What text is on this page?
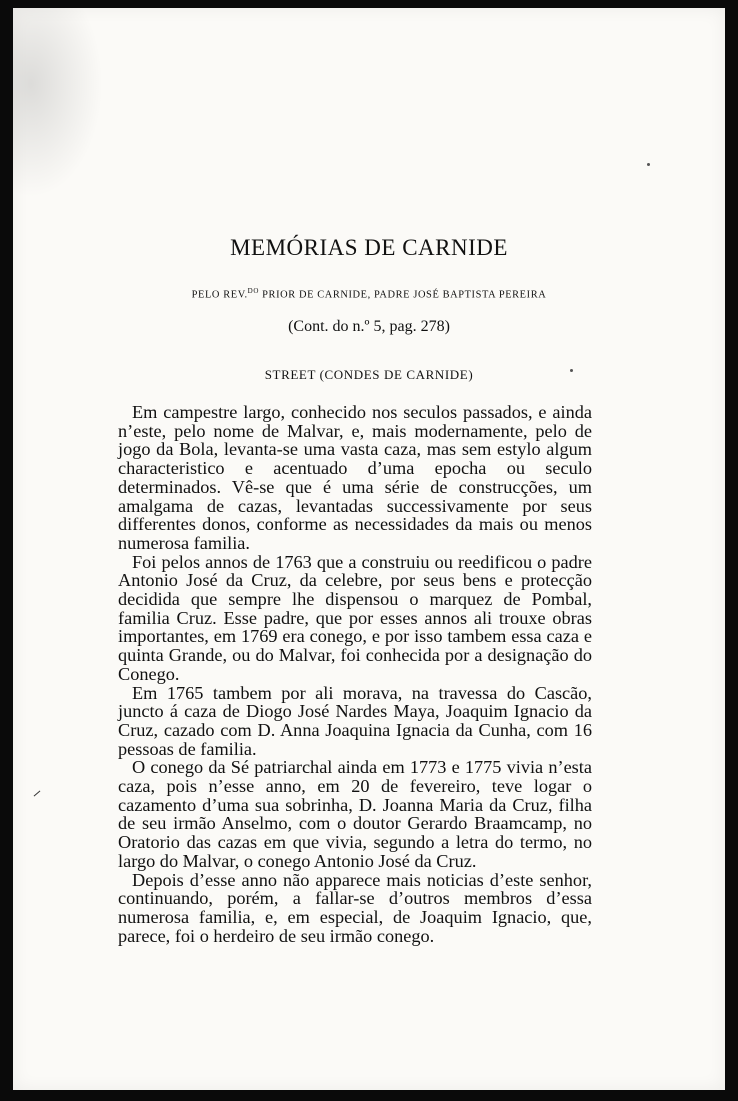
MEMÓRIAS DE CARNIDE
PELO REV.$^{DO}$ PRIOR DE CARNIDE, PADRE JOSÉ BAPTISTA PEREIRA
(Cont. do n.º 5, pag. 278)
STREET (CONDES DE CARNIDE)

Em campestre largo, conhecido nos seculos passados, e ainda n’este, pelo nome de Malvar, e, mais modernamente, pelo de jogo da Bola, levanta-se uma vasta caza, mas sem estylo algum characteristico e acentuado d’uma epocha ou seculo determinados. Vê-se que é uma série de construcções, um amalgama de cazas, levantadas successivamente por seus differentes donos, conforme as necessidades da mais ou menos numerosa familia.

Foi pelos annos de 1763 que a construiu ou reedificou o padre Antonio José da Cruz, da celebre, por seus bens e protecção decidida que sempre lhe dispensou o marquez de Pombal, familia Cruz. Esse padre, que por esses annos ali trouxe obras importantes, em 1769 era conego, e por isso tambem essa caza e quinta Grande, ou do Malvar, foi conhecida por a designação do Conego.

Em 1765 tambem por ali morava, na travessa do Cascão, juncto á caza de Diogo José Nardes Maya, Joaquim Ignacio da Cruz, cazado com D. Anna Joaquina Ignacia da Cunha, com 16 pessoas de familia.

O conego da Sé patriarchal ainda em 1773 e 1775 vivia n’esta caza, pois n’esse anno, em 20 de fevereiro, teve logar o cazamento d’uma sua sobrinha, D. Joanna Maria da Cruz, filha de seu irmão Anselmo, com o doutor Gerardo Braamcamp, no Oratorio das cazas em que vivia, segundo a letra do termo, no largo do Malvar, o conego Antonio José da Cruz.

Depois d’esse anno não apparece mais noticias d’este senhor, continuando, porém, a fallar-se d’outros membros d’essa numerosa familia, e, em especial, de Joaquim Ignacio, que, parece, foi o herdeiro de seu irmão conego.
